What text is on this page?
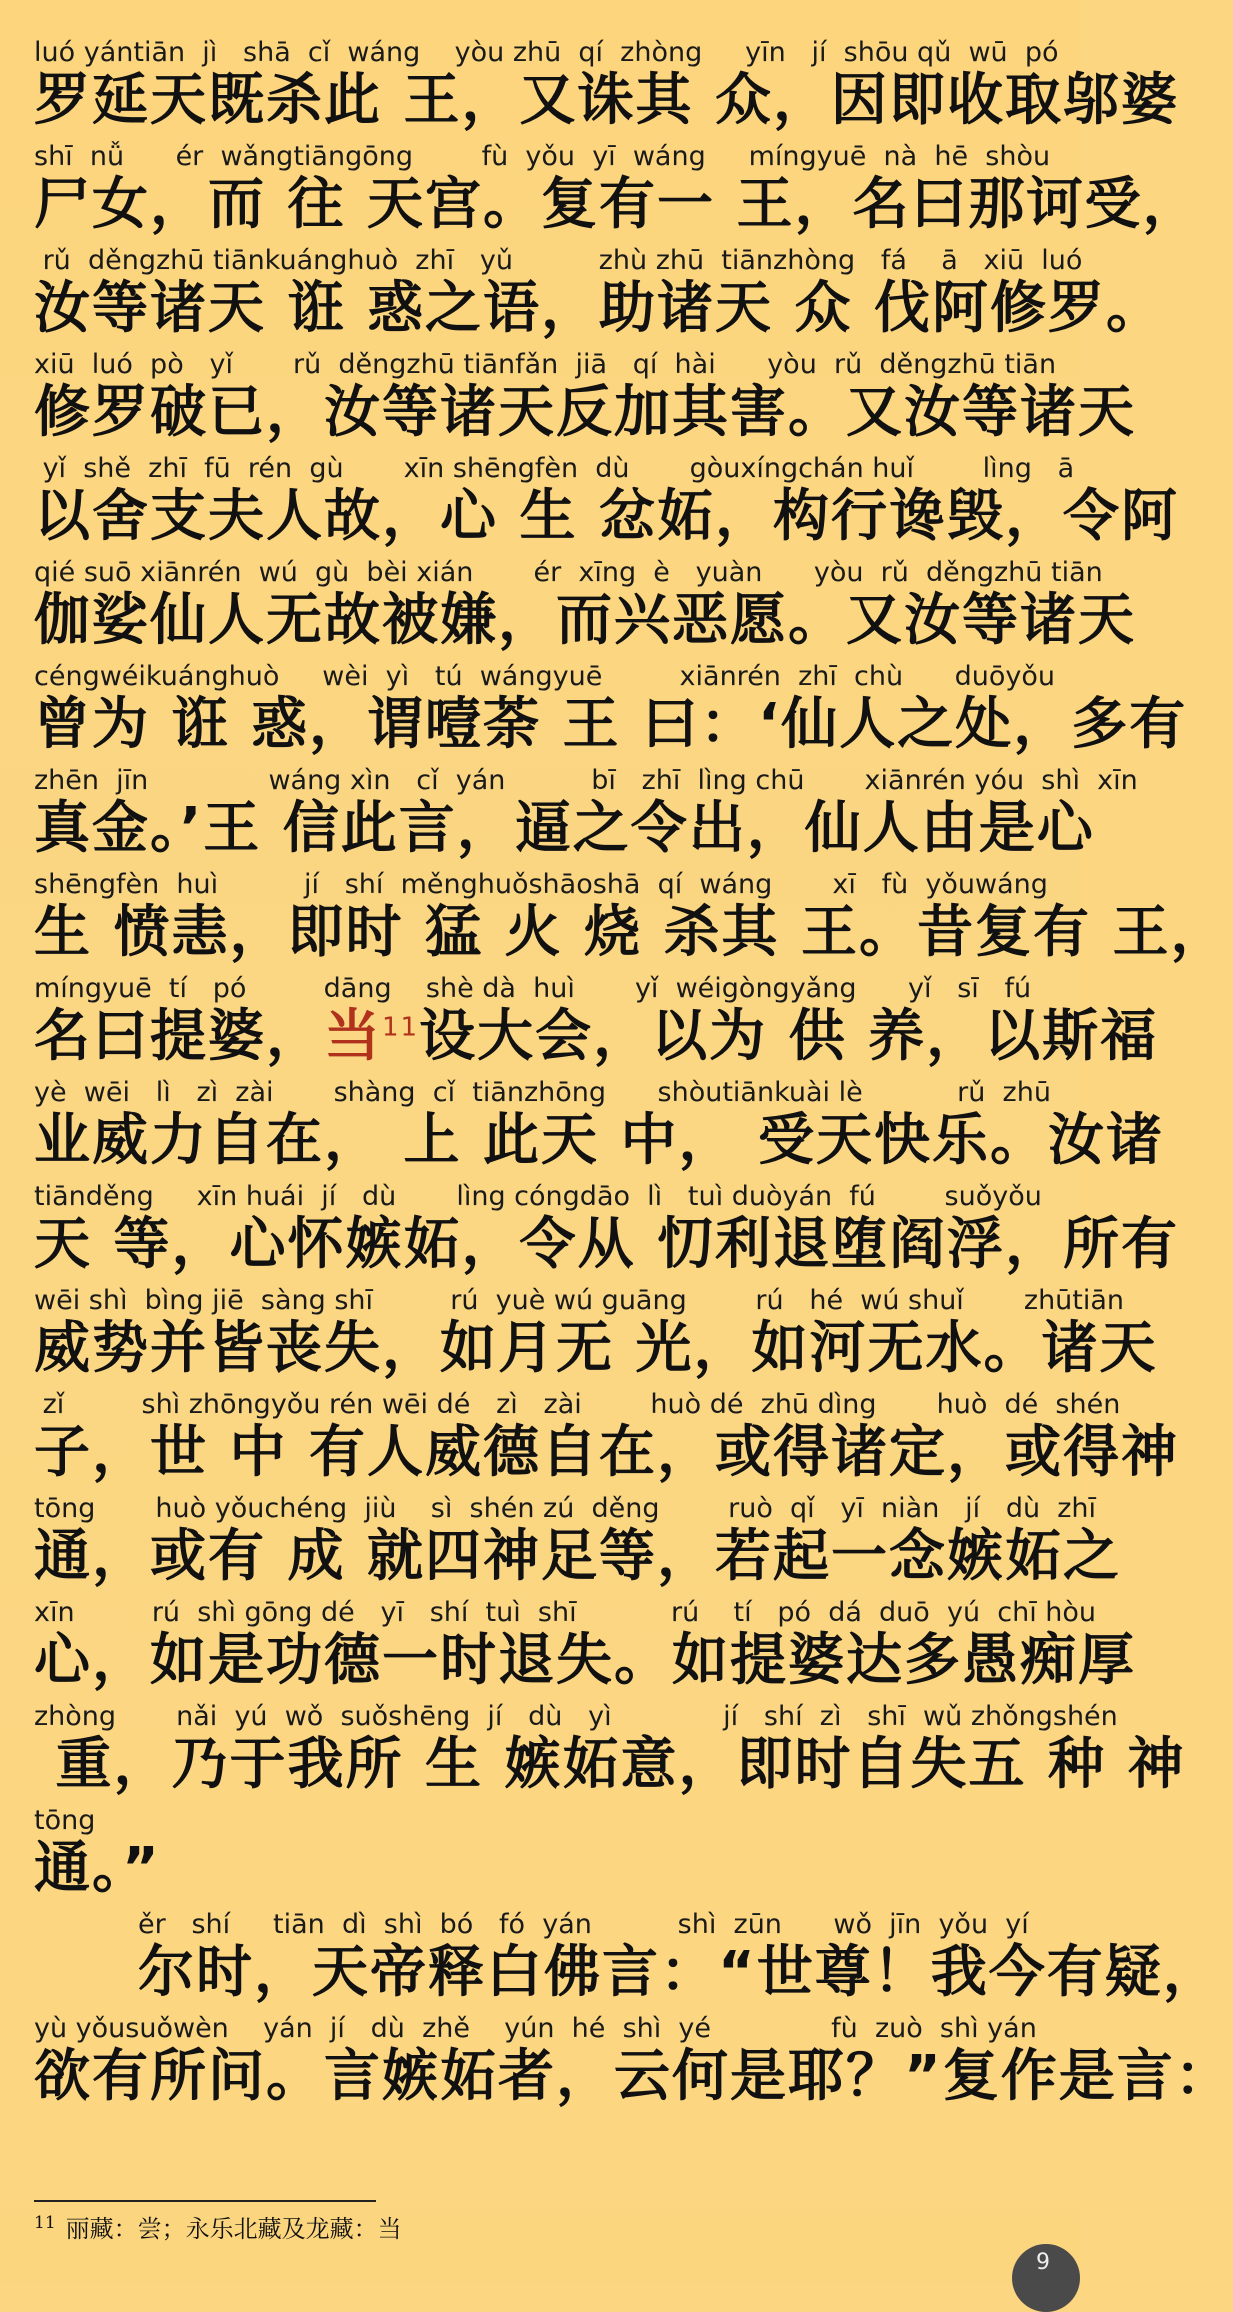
luó yántiān  jì   shā  cǐ  wáng    yòu zhū  qí  zhòng     yīn   jí  shōu qǔ  wū  pó
罗延天既杀此 王，又诛其 众，因即收取邬婆
shī  nǚ      ér  wǎngtiāngōng        fù  yǒu  yī  wáng     míngyuē  nà  hē  shòu
尸女，而 往 天宫。复有一 王，名曰那诃受，
rǔ  děngzhū tiānkuánghuò  zhī   yǔ          zhù zhū  tiānzhòng   fá    ā   xiū  luó
汝等诸天 诳 惑之语，助诸天 众 伐阿修罗。
xiū  luó  pò   yǐ       rǔ  děngzhū tiānfǎn  jiā   qí  hài      yòu  rǔ  děngzhū tiān
修罗破已，汝等诸天反加其害。又汝等诸天
yǐ  shě  zhī  fū  rén  gù       xīn shēngfèn  dù       gòuxíngchán huǐ        lìng   ā
以舍支夫人故，心 生 忿妬，构行谗毁，令阿
qié suō xiānrén  wú  gù  bèi xián       ér  xīng  è   yuàn      yòu  rǔ  děngzhū tiān
伽娑仙人无故被嫌，而兴恶愿。又汝等诸天
céngwéikuánghuò     wèi  yì   tú  wángyuē         xiānrén  zhī  chù      duōyǒu
曾为 诳 惑，谓噎荼 王 曰：‘仙人之处，多有
zhēn  jīn              wáng xìn   cǐ  yán          bī   zhī  lìng chū       xiānrén yóu  shì  xīn
真金。’王 信此言，逼之令出，仙人由是心
shēngfèn  huì          jí   shí  měnghuǒshāoshā  qí  wáng       xī   fù  yǒuwáng
生 愤恚，即时 猛 火 烧 杀其 王。昔复有 王，
míngyuē  tí   pó         dāng    shè dà  huì       yǐ  wéigòngyǎng      yǐ   sī   fú
名曰提婆，当$^{11}$设大会，以为 供 养，以斯福
yè  wēi   lì   zì  zài       shàng  cǐ  tiānzhōng      shòutiānkuài lè           rǔ  zhū
业威力自在， 上 此天 中， 受天快乐。汝诸
tiānděng     xīn huái  jí   dù       lìng cóngdāo  lì   tuì duòyán  fú        suǒyǒu
天 等，心怀嫉妬，令从 忉利退堕阎浮，所有
wēi shì  bìng jiē  sàng shī         rú  yuè wú guāng        rú   hé  wú shuǐ       zhūtiān
威势并皆丧失，如月无 光，如河无水。诸天
zǐ         shì zhōngyǒu rén wēi dé   zì   zài        huò dé  zhū dìng       huò  dé  shén
子，世 中 有人威德自在，或得诸定，或得神
tōng       huò yǒuchéng  jiù    sì  shén zú  děng        ruò  qǐ   yī  niàn   jí   dù  zhī
通，或有 成 就四神足等，若起一念嫉妬之
xīn         rú  shì gōng dé   yī   shí  tuì  shī           rú    tí   pó  dá  duō  yú  chī hòu
心，如是功德一时退失。如提婆达多愚痴厚
zhòng       nǎi  yú  wǒ  suǒshēng  jí   dù   yì             jí   shí  zì   shī  wǔ zhǒngshén
重，乃于我所 生 嫉妬意，即时自失五 种 神
tōng
通。”
ěr   shí     tiān  dì  shì  bó   fó  yán          shì  zūn      wǒ  jīn  yǒu  yí
尔时，天帝释白佛言：“世尊！我今有疑，
yù yǒusuǒwèn    yán  jí   dù  zhě    yún  hé  shì  yé              fù  zuò  shì yán
欲有所问。言嫉妬者，云何是耶？”复作是言：
$^{11}$ 丽藏：尝；永乐北藏及龙藏：当
9
